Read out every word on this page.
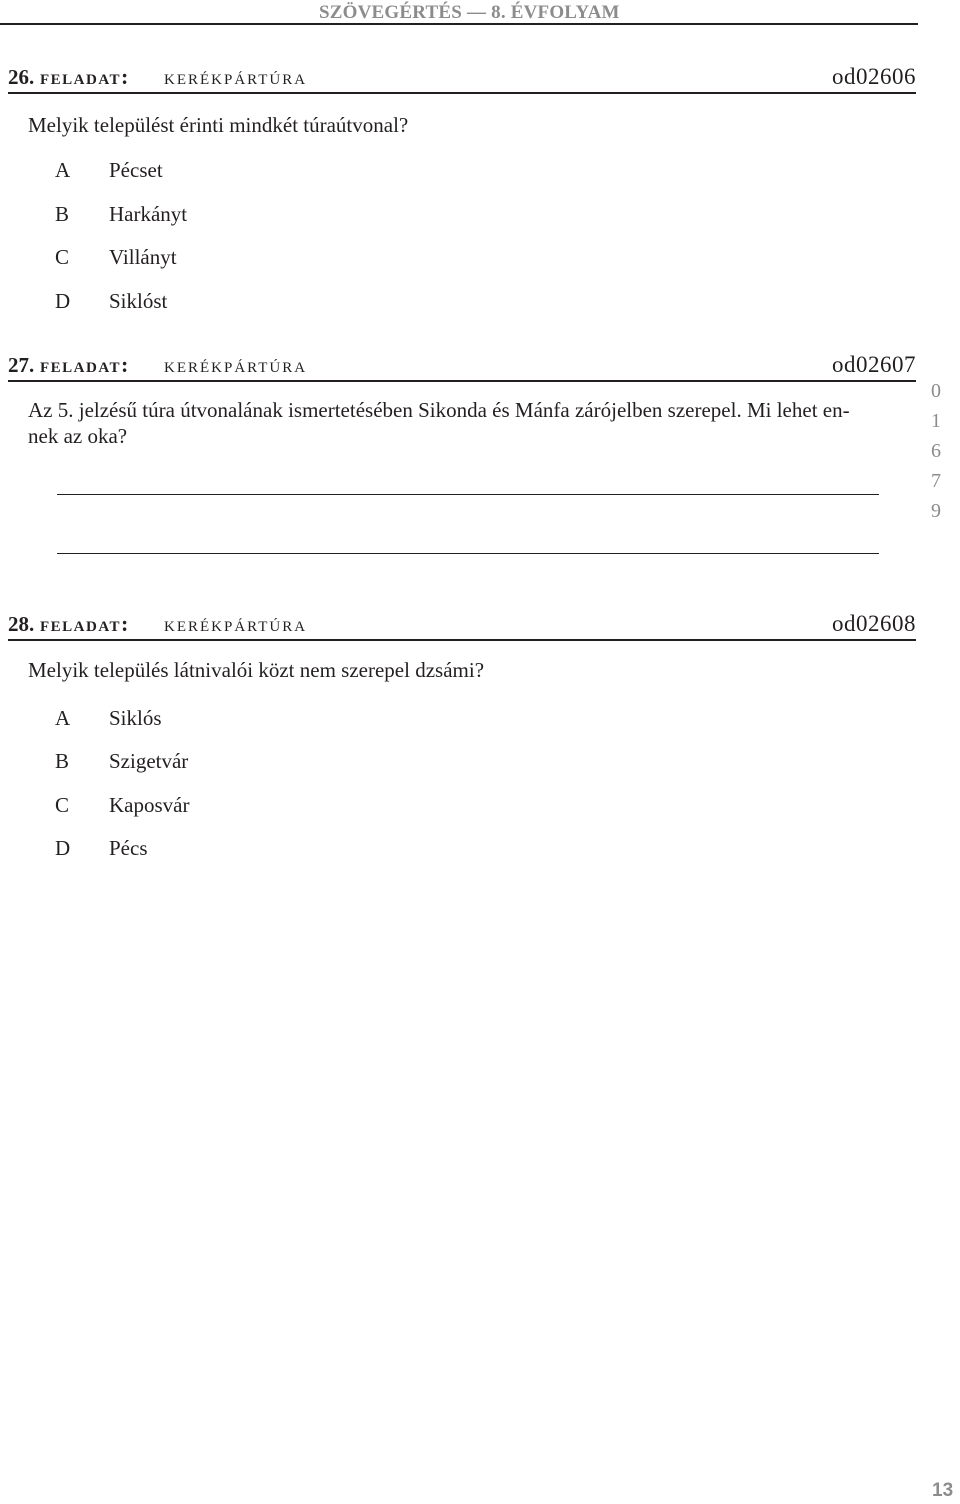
SZÖVEGÉRTÉS — 8. ÉVFOLYAM
26. feladat: kerékpártúra	od02606
Melyik települést érinti mindkét túraútvonal?
A Pécset
B Harkányt
C Villányt
D Siklóst
27. feladat: kerékpártúra	od02607
Az 5. jelzésű túra útvonalának ismertetésében Sikonda és Mánfa zárójelben szerepel. Mi lehet en-
nek az oka?
0
1
6
7
9
28. feladat: kerékpártúra	od02608
Melyik település látnivalói közt nem szerepel dzsámi?
A Siklós
B Szigetvár
C Kaposvár
D Pécs
13
